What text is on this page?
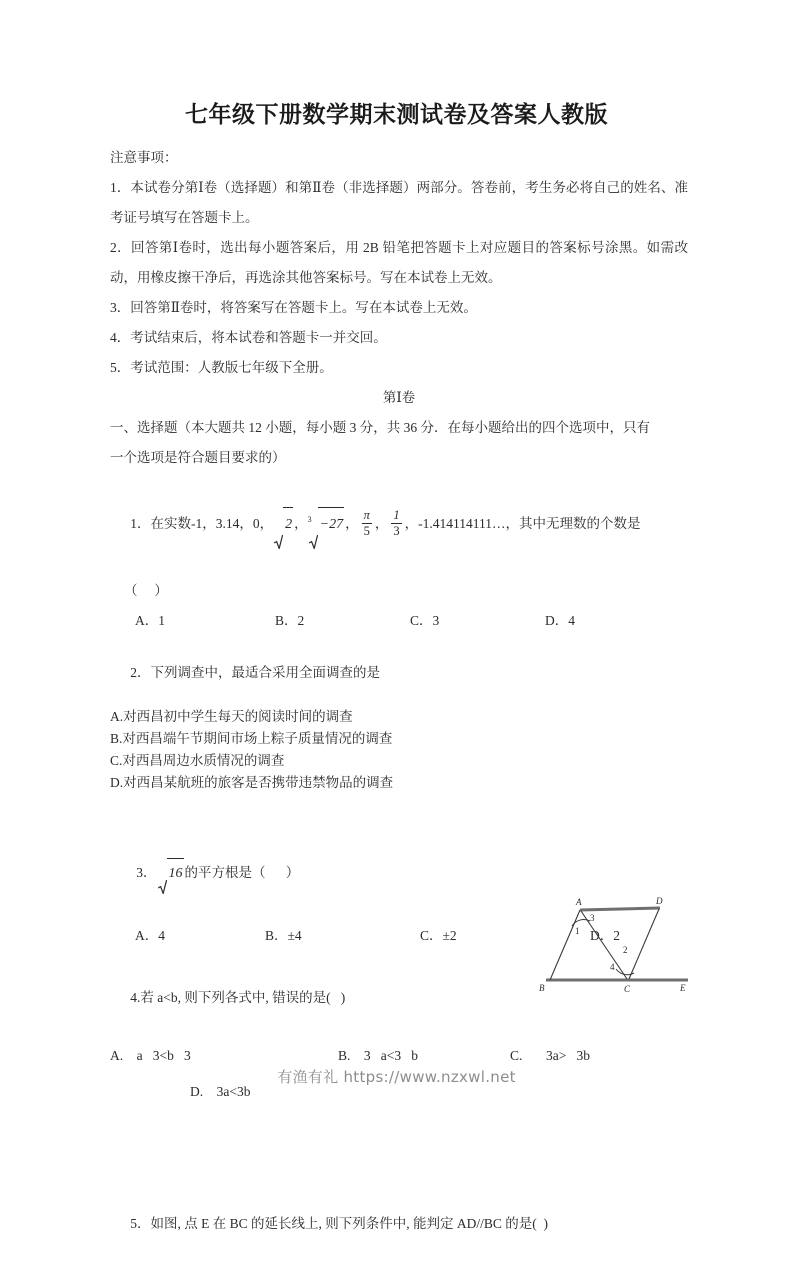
七年级下册数学期末测试卷及答案人教版
注意事项：
1．本试卷分第Ⅰ卷（选择题）和第Ⅱ卷（非选择题）两部分。答卷前，考生务必将自己的姓名、准考证号填写在答题卡上。
2．回答第Ⅰ卷时，选出每小题答案后，用 2B 铅笔把答题卡上对应题目的答案标号涂黑。如需改动，用橡皮擦干净后，再选涂其他答案标号。写在本试卷上无效。
3．回答第Ⅱ卷时，将答案写在答题卡上。写在本试卷上无效。
4．考试结束后，将本试卷和答题卡一并交回。
5．考试范围：人教版七年级下全册。
第Ⅰ卷
一、选择题（本大题共 12 小题，每小题 3 分，共 36 分．在每小题给出的四个选项中，只有
一个选项是符合题目要求的）

1．在实数-1，3.14，0， 2 ， 3 −27 ， $\frac{\pi}{5}$ ， $\frac{1}{3}$ ，-1.414114111…，其中无理数的个数是

（     ）
A．1	B．2	C．3	D．4

2．下列调查中，最适合采用全面调查的是

A.对西昌初中学生每天的阅读时间的调查
B.对西昌端午节期间市场上粽子质量情况的调查
C.对西昌周边水质情况的调查
D.对西昌某航班的旅客是否携带违禁物品的调查

3． 16 的平方根是（      ）

A．4	B．±4	C．±2	D．2

4.若 a<b, 则下列各式中, 错误的是(   )

A.    a   3<b   3	B.    3   a<3   b	C.       3a>   3b
D.    3a<3b

5．如图, 点 E 在 BC 的延长线上, 则下列条件中, 能判定 AD//BC 的是(  )

A	D
B	C	E
1
2
3
4
有渔有礼 https://www.nzxwl.net
